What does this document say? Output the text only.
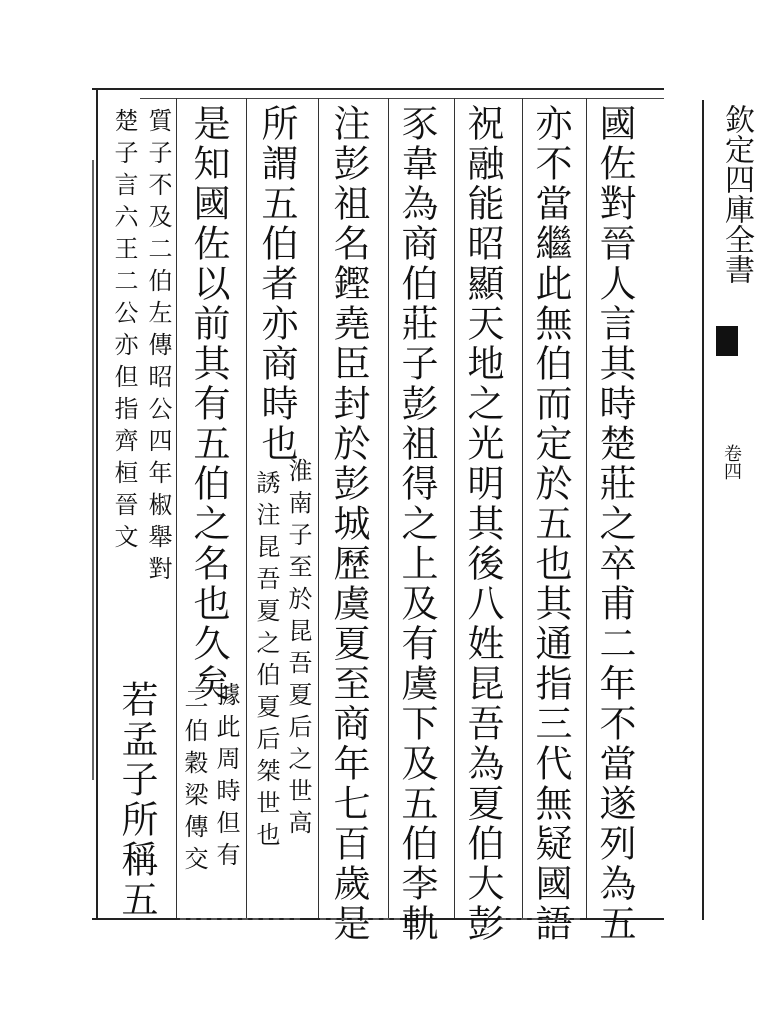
欽定四庫全書
卷四
國佐對晉人言其時楚莊之卒甫二年不當遂列為五
亦不當繼此無伯而定於五也其通指三代無疑國語
祝融能昭顯天地之光明其後八姓昆吾為夏伯大彭
豕韋為商伯莊子彭祖得之上及有虞下及五伯李軌
注彭祖名鏗堯臣封於彭城歷虞夏至商年七百歲是
所謂五伯者亦商時也
淮南子至於昆吾夏后之世高
誘注昆吾夏之伯夏后桀世也
是知國佐以前其有五伯之名也久矣
據此周時但有
二伯穀梁傳交
質子不及二伯左傳昭公四年椒舉對
楚子言六王二公亦但指齊桓晉文
若孟子所稱五
